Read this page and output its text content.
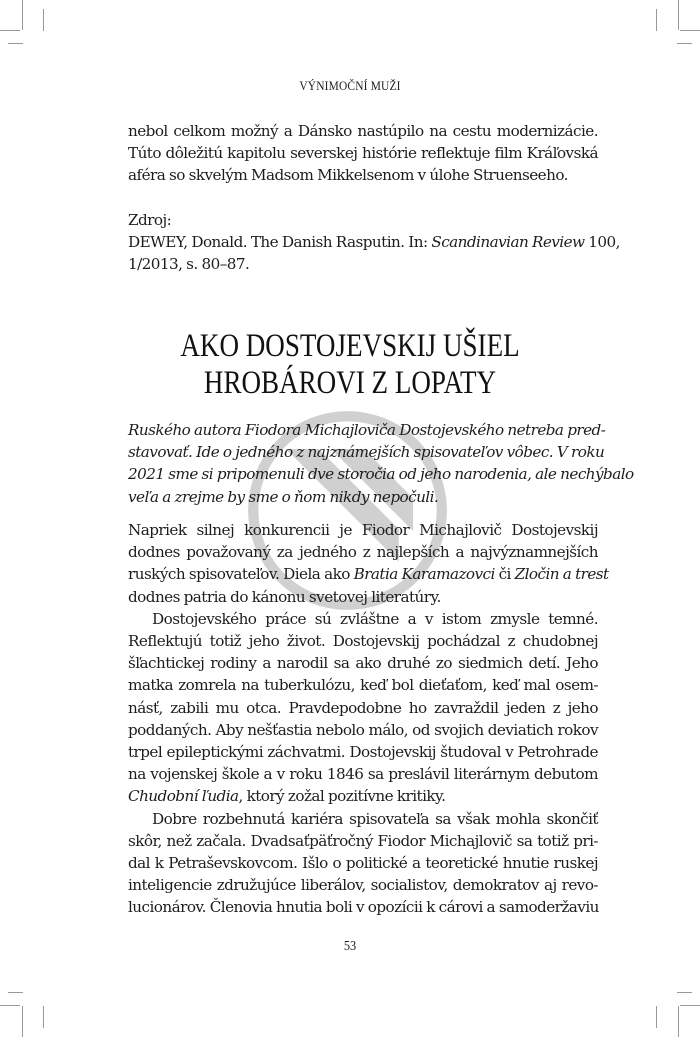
VÝNIMOČNÍ MUŽI
nebol celkom možný a Dánsko nastúpilo na cestu modernizácie.
Túto dôležitú kapitolu severskej histórie reflektuje film Kráľovská
aféra so skvelým Madsom Mikkelsenom v úlohe Struenseeho.
Zdroj:
DEWEY, Donald. The Danish Rasputin. In: Scandinavian Review 100,
1/2013, s. 80–87.
AKO DOSTOJEVSKIJ UŠIEL
HROBÁROVI Z LOPATY
Ruského autora Fiodora Michajloviča Dostojevského netreba pred-
stavovať. Ide o jedného z najznámejších spisovateľov vôbec. V roku
2021 sme si pripomenuli dve storočia od jeho narodenia, ale nechýbalo
veľa a zrejme by sme o ňom nikdy nepočuli.
Napriek silnej konkurencii je Fiodor Michajlovič Dostojevskij
dodnes považovaný za jedného z najlepších a najvýznamnejších
ruských spisovateľov. Diela ako Bratia Karamazovci či Zločin a trest
dodnes patria do kánonu svetovej literatúry.
Dostojevského práce sú zvláštne a v istom zmysle temné.
Reflektujú totiž jeho život. Dostojevskij pochádzal z chudobnej
šľachtickej rodiny a narodil sa ako druhé zo siedmich detí. Jeho
matka zomrela na tuberkulózu, keď bol dieťaťom, keď mal osem-
násť, zabili mu otca. Pravdepodobne ho zavraždil jeden z jeho
poddaných. Aby nešťastia nebolo málo, od svojich deviatich rokov
trpel epileptickými záchvatmi. Dostojevskij študoval v Petrohrade
na vojenskej škole a v roku 1846 sa preslávil literárnym debutom
Chudobní ľudia, ktorý zožal pozitívne kritiky.
Dobre rozbehnutá kariéra spisovateľa sa však mohla skončiť
skôr, než začala. Dvadsaťpäťročný Fiodor Michajlovič sa totiž pri-
dal k Petraševskovcom. Išlo o politické a teoretické hnutie ruskej
inteligencie združujúce liberálov, socialistov, demokratov aj revo-
lucionárov. Členovia hnutia boli v opozícii k cárovi a samoderžaviu
53
